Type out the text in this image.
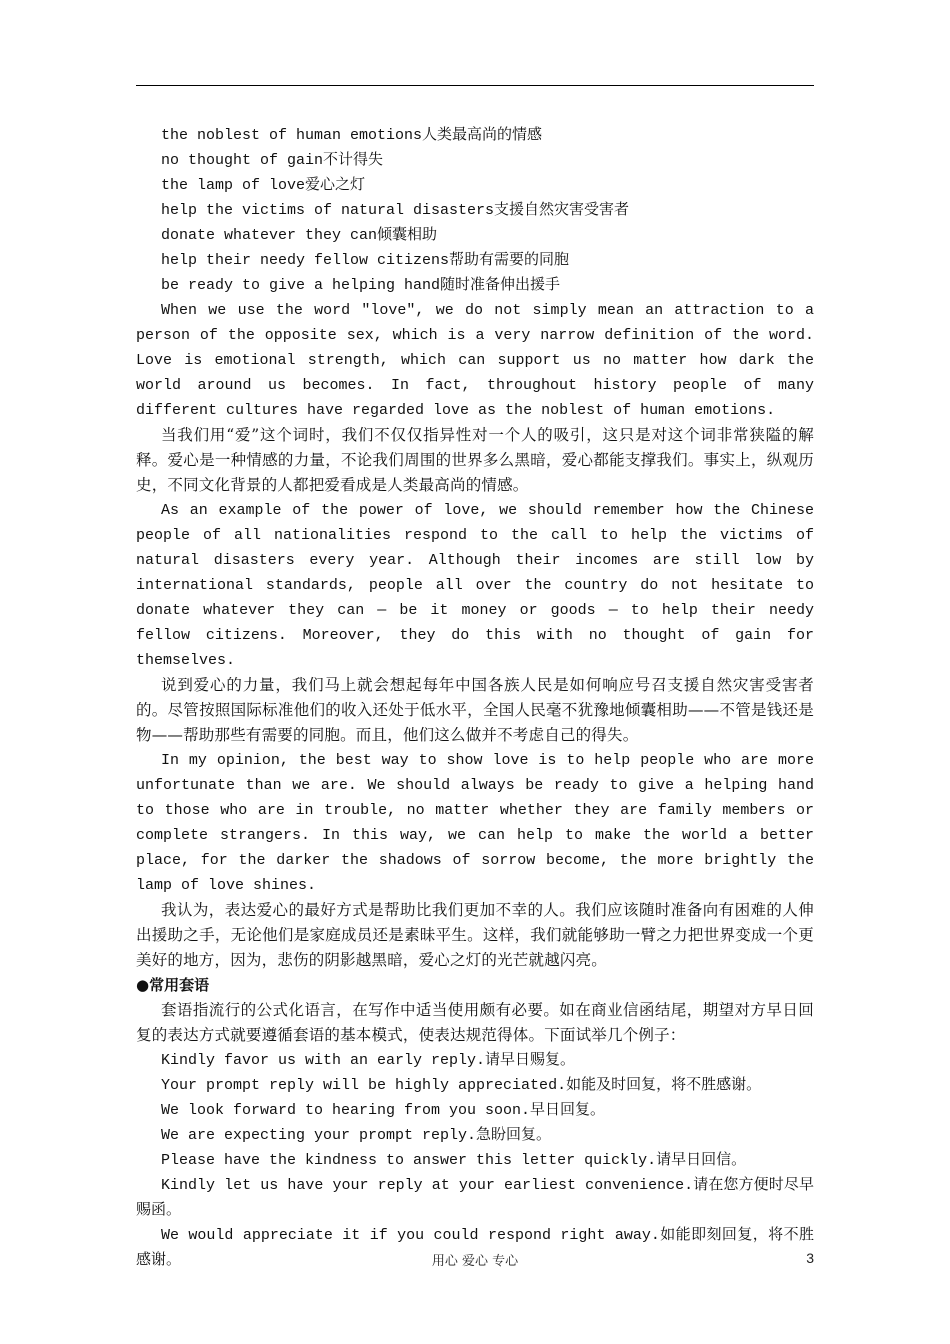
the noblest of human emotions人类最高尚的情感
no thought of gain不计得失
the lamp of love爱心之灯
help the victims of natural disasters支援自然灾害受害者
donate whatever they can倾囊相助
help their needy fellow citizens帮助有需要的同胞
be ready to give a helping hand随时准备伸出援手

When we use the word "love", we do not simply mean an attraction to a person of the opposite sex, which is a very narrow definition of the word. Love is emotional strength, which can support us no matter how dark the world around us becomes. In fact, throughout history people of many different cultures have regarded love as the noblest of human emotions.

当我们用“爱”这个词时，我们不仅仅指异性对一个人的吸引，这只是对这个词非常狭隘的解释。爱心是一种情感的力量，不论我们周围的世界多么黑暗，爱心都能支撑我们。事实上，纵观历史，不同文化背景的人都把爱看成是人类最高尚的情感。

As an example of the power of love, we should remember how the Chinese people of all nationalities respond to the call to help the victims of natural disasters every year. Although their incomes are still low by international standards, people all over the country do not hesitate to donate whatever they can — be it money or goods — to help their needy fellow citizens. Moreover, they do this with no thought of gain for themselves.

说到爱心的力量，我们马上就会想起每年中国各族人民是如何响应号召支援自然灾害受害者的。尽管按照国际标准他们的收入还处于低水平，全国人民毫不犹豫地倾囊相助——不管是钱还是物——帮助那些有需要的同胞。而且，他们这么做并不考虑自己的得失。

In my opinion, the best way to show love is to help people who are more unfortunate than we are. We should always be ready to give a helping hand to those who are in trouble, no matter whether they are family members or complete strangers. In this way, we can help to make the world a better place, for the darker the shadows of sorrow become, the more brightly the lamp of love shines.

我认为，表达爱心的最好方式是帮助比我们更加不幸的人。我们应该随时准备向有困难的人伸出援助之手，无论他们是家庭成员还是素昧平生。这样，我们就能够助一臂之力把世界变成一个更美好的地方，因为，悲伤的阴影越黑暗，爱心之灯的光芒就越闪亮。

●常用套语

套语指流行的公式化语言，在写作中适当使用颇有必要。如在商业信函结尾，期望对方早日回复的表达方式就要遵循套语的基本模式，使表达规范得体。下面试举几个例子：

Kindly favor us with an early reply.请早日赐复。
Your prompt reply will be highly appreciated.如能及时回复，将不胜感谢。
We look forward to hearing from you soon.早日回复。
We are expecting your prompt reply.急盼回复。
Please have the kindness to answer this letter quickly.请早日回信。

Kindly let us have your reply at your earliest convenience.请在您方便时尽早赐函。

We would appreciate it if you could respond right away.如能即刻回复，将不胜感谢。	用心 爱心 专心	3
